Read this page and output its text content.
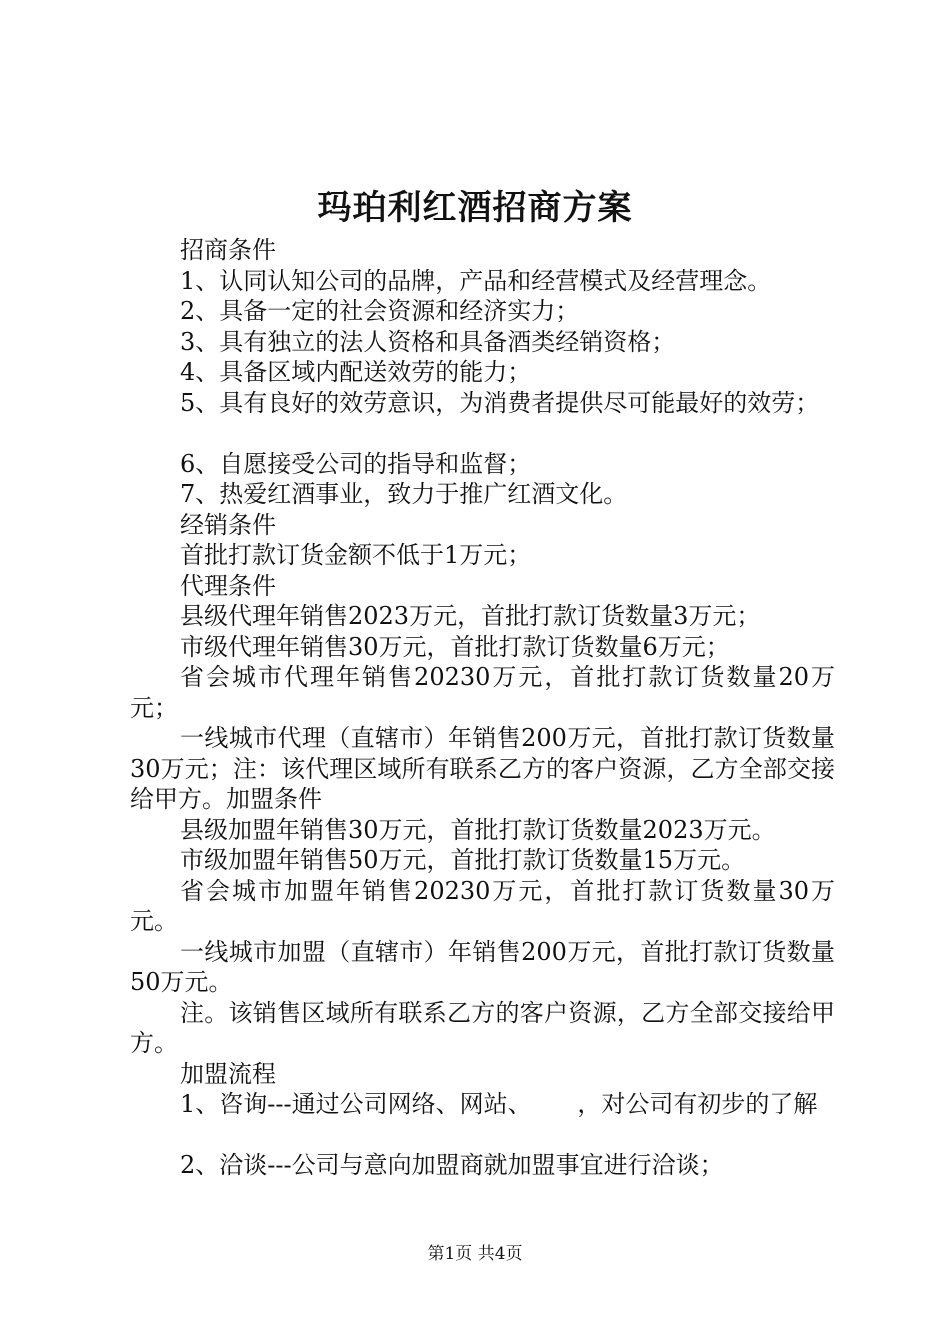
玛珀利红酒招商方案

招商条件

1、认同认知公司的品牌，产品和经营模式及经营理念。

2、具备一定的社会资源和经济实力；

3、具有独立的法人资格和具备酒类经销资格；

4、具备区域内配送效劳的能力；

5、具有良好的效劳意识，为消费者提供尽可能最好的效劳；

6、自愿接受公司的指导和监督；

7、热爱红酒事业，致力于推广红酒文化。

经销条件

首批打款订货金额不低于1万元；

代理条件

县级代理年销售2023万元，首批打款订货数量3万元；

市级代理年销售30万元，首批打款订货数量6万元；

省会城市代理年销售20230万元，首批打款订货数量20万元；

一线城市代理（直辖市）年销售200万元，首批打款订货数量30万元；注：该代理区域所有联系乙方的客户资源，乙方全部交接给甲方。加盟条件

县级加盟年销售30万元，首批打款订货数量2023万元。

市级加盟年销售50万元，首批打款订货数量15万元。

省会城市加盟年销售20230万元，首批打款订货数量30万元。

一线城市加盟（直辖市）年销售200万元，首批打款订货数量50万元。

注。该销售区域所有联系乙方的客户资源，乙方全部交接给甲方。

加盟流程

1、咨询---通过公司网络、网站、      ，对公司有初步的了解

2、洽谈---公司与意向加盟商就加盟事宜进行洽谈；

第1页 共4页
